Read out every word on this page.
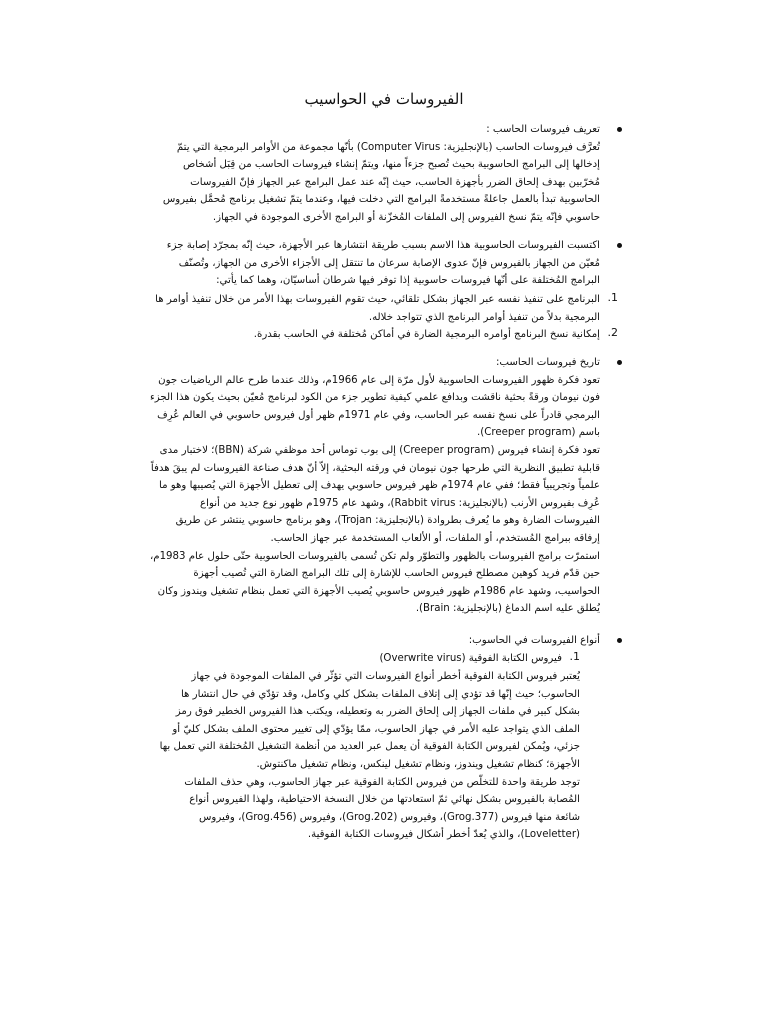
الفيروسات في الحواسيب

تعريف فيروسات الحاسب :

تُعرَّف فيروسات الحاسب (بالإنجليزية: Computer Virus) بأنّها مجموعة من الأوامر البرمجية التي يتمّ

إدخالها إلى البرامج الحاسوبية بحيث تُصبح جزءاً منها، ويتمّ إنشاء فيروسات الحاسب من قِبَل أشخاص

مُخرّبين بهدف إلحاق الضرر بأجهزة الحاسب، حيث إنّه عند عمل البرامج عبر الجهاز فإنّ الفيروسات

الحاسوبية تبدأ بالعمل جاعلةً مستخدمةً البرامج التي دخلت فيها، وعندما يتمّ تشغيل برنامج مُحمَّل بفيروس

حاسوبي فإنّه يتمّ نسخ الفيروس إلى الملفات المُخزّنة أو البرامج الأخرى الموجودة في الجهاز.

اكتسبت الفيروسات الحاسوبية هذا الاسم بسبب طريقة انتشارها عبر الأجهزة، حيث إنّه بمجرّد إصابة جزء

مُعيّن من الجهاز بالفيروس فإنّ عدوى الإصابة سرعان ما تنتقل إلى الأجزاء الأخرى من الجهاز، وتُصنّف

البرامج المُختلفة على أنّها فيروسات حاسوبية إذا توفر فيها شرطان أساسيّان، وهما كما يأتي:

1.

البرنامج على تنفيذ نفسه عبر الجهاز بشكل تلقائي، حيث تقوم الفيروسات بهذا الأمر من خلال تنفيذ أوامر ها

البرمجية بدلاً من تنفيذ أوامر البرنامج الذي تتواجد خلاله.

2.

إمكانية نسخ البرنامج أوامره البرمجية الضارة في أماكن مُختلفة في الحاسب بقدرة.

تاريخ فيروسات الحاسب:

تعود فكرة ظهور الفيروسات الحاسوبية لأول مرّة إلى عام 1966م، وذلك عندما طرح عالم الرياضيات جون

فون نيومان ورقةً بحثية ناقشت وبدافع علمي كيفية تطوير جزء من الكود لبرنامج مُعيّن بحيث يكون هذا الجزء

البرمجي قادراً على نسخ نفسه عبر الحاسب، وفي عام 1971م ظهر أول فيروس حاسوبي في العالم عُرِف

باسم (Creeper program).

تعود فكرة إنشاء فيروس (Creeper program) إلى بوب توماس أحد موظفي شركة (BBN)؛ لاختبار مدى

قابلية تطبيق النظرية التي طرحها جون نيومان في ورقته البحثية، إلاّ أنّ هدف صناعة الفيروسات لم يبقَ هدفاً

علمياً وتجريبياً فقط؛ ففي عام 1974م ظهر فيروس حاسوبي يهدف إلى تعطيل الأجهزة التي يُصيبها وهو ما

عُرِف بفيروس الأرنب (بالإنجليزية: Rabbit virus)، وشهد عام 1975م ظهور نوع جديد من أنواع

الفيروسات الضارة وهو ما يُعرف بطروادة (بالإنجليزية: Trojan)، وهو برنامج حاسوبي ينتشر عن طريق

إرفاقه ببرامج المُستخدم، أو الملفات، أو الألعاب المستخدمة عبر جهاز الحاسب.

استمرّت برامج الفيروسات بالظهور والتطوّر ولم تكن تُسمى بالفيروسات الحاسوبية حتّى حلول عام 1983م،

حين قدّم فريد كوهين مصطلح فيروس الحاسب للإشارة إلى تلك البرامج الضارة التي تُصيب أجهزة

الحواسيب، وشهد عام 1986م ظهور فيروس حاسوبي يُصيب الأجهزة التي تعمل بنظام تشغيل ويندوز وكان

يُطلق عليه اسم الدماغ (بالإنجليزية: Brain).

أنواع الفيروسات في الحاسوب:

1.

فيروس الكتابة الفوقية (Overwrite virus)

يُعتبر فيروس الكتابة الفوقية أخطر أنواع الفيروسات التي تؤثّر في الملفات الموجودة في جهاز

الحاسوب؛ حيث إنّها قد تؤدي إلى إتلاف الملفات بشكل كلي وكامل، وقد تؤدّي في حال انتشار ها

بشكل كبير في ملفات الجهاز إلى إلحاق الضرر به وتعطيله، ويكتب هذا الفيروس الخطير فوق رمز

الملف الذي يتواجد عليه الأمر في جهاز الحاسوب، ممّا يؤدّي إلى تغيير محتوى الملف بشكل كليّ أو

جزئي، ويُمكن لفيروس الكتابة الفوقية أن يعمل عبر العديد من أنظمة التشغيل المُختلفة التي تعمل بها

الأجهزة؛ كنظام تشغيل ويندوز، ونظام تشغيل لينكس، ونظام تشغيل ماكنتوش.

توجد طريقة واحدة للتخلّص من فيروس الكتابة الفوقية عبر جهاز الحاسوب، وهي حذف الملفات

المُصابة بالفيروس بشكل نهائي ثمّ استعادتها من خلال النسخة الاحتياطية، ولهذا الفيروس أنواع

شائعة منها فيروس (Grog.377)، وفيروس (Grog.202)، وفيروس (Grog.456)، وفيروس

(Loveletter)، والذي يُعدّ أخطر أشكال فيروسات الكتابة الفوقية.
